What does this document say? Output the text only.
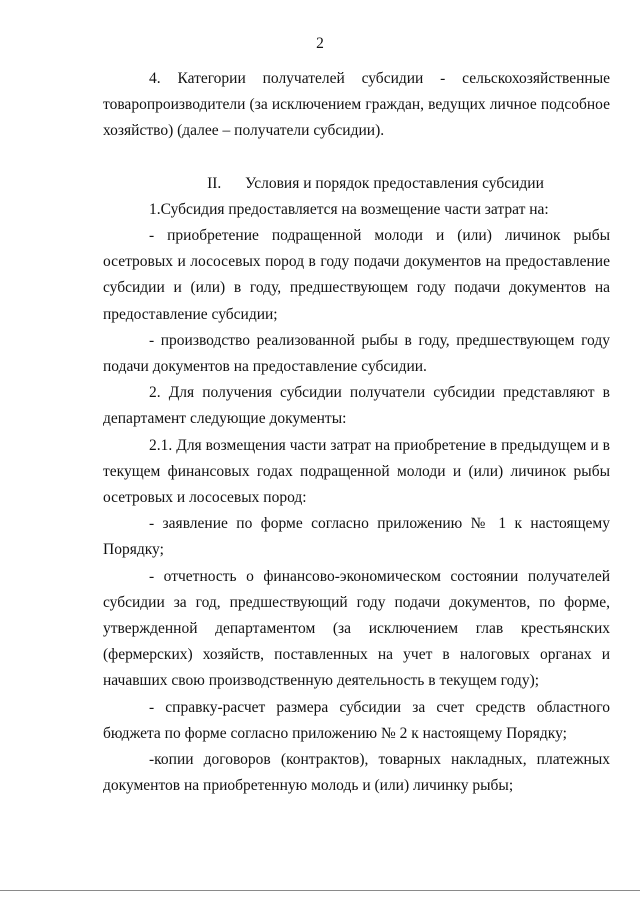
2

4. Категории получателей субсидии - сельскохозяйственные товаропроизводители (за исключением граждан, ведущих личное подсобное хозяйство) (далее – получатели субсидии).

II. Условия и порядок предоставления субсидии

1.Субсидия предоставляется на возмещение части затрат на:

- приобретение подращенной молоди и (или) личинок рыбы осетровых и лососевых пород в году подачи документов на предоставление субсидии и (или) в году, предшествующем году подачи документов на предоставление субсидии;

- производство реализованной рыбы в году, предшествующем году подачи документов на предоставление субсидии.

2. Для получения субсидии получатели субсидии представляют в департамент следующие документы:

2.1. Для возмещения части затрат на приобретение в предыдущем и в текущем финансовых годах подращенной молоди и (или) личинок рыбы осетровых и лососевых пород:

- заявление по форме согласно приложению № 1 к настоящему Порядку;

- отчетность о финансово-экономическом состоянии получателей субсидии за год, предшествующий году подачи документов, по форме, утвержденной департаментом (за исключением глав крестьянских (фермерских) хозяйств, поставленных на учет в налоговых органах и начавших свою производственную деятельность в текущем году);

- справку-расчет размера субсидии за счет средств областного бюджета по форме согласно приложению № 2 к настоящему Порядку;

-копии договоров (контрактов), товарных накладных, платежных документов на приобретенную молодь и (или) личинку рыбы;
